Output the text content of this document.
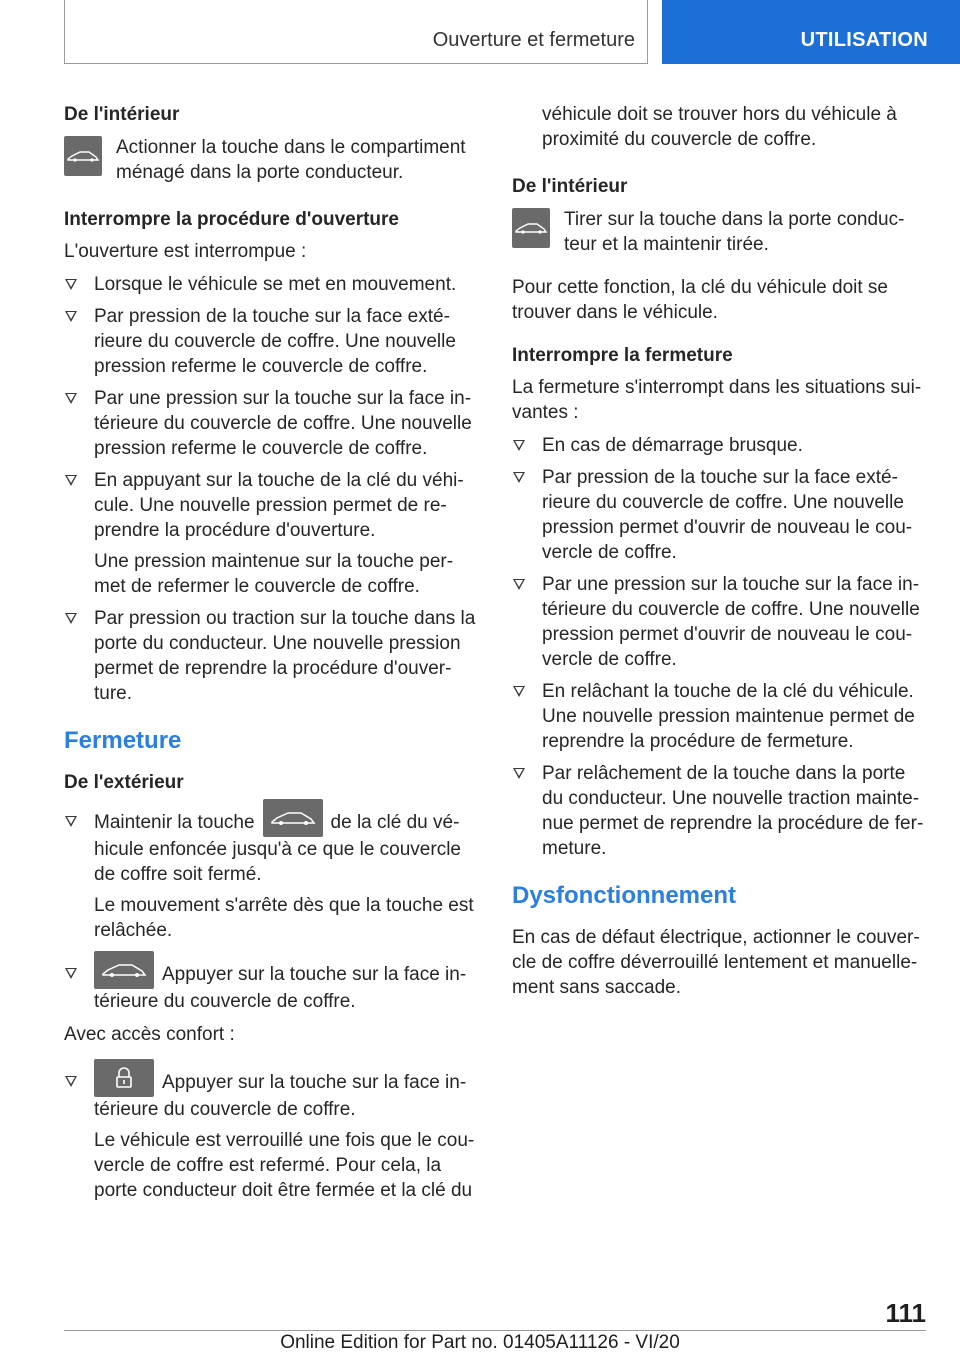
Ouverture et fermeture	UTILISATION
De l'intérieur
Actionner la touche dans le compartiment ménagé dans la porte conducteur.
Interrompre la procédure d'ouverture
L'ouverture est interrompue :
Lorsque le véhicule se met en mouvement.
Par pression de la touche sur la face exté-rieure du couvercle de coffre. Une nouvelle pression referme le couvercle de coffre.
Par une pression sur la touche sur la face in-térieure du couvercle de coffre. Une nouvelle pression referme le couvercle de coffre.
En appuyant sur la touche de la clé du véhi-cule. Une nouvelle pression permet de re-prendre la procédure d'ouverture.
Une pression maintenue sur la touche per-met de refermer le couvercle de coffre.
Par pression ou traction sur la touche dans la porte du conducteur. Une nouvelle pression permet de reprendre la procédure d'ouver-ture.
Fermeture
De l'extérieur
Maintenir la touche	de la clé du vé-hicule enfoncée jusqu'à ce que le couvercle de coffre soit fermé.
Le mouvement s'arrête dès que la touche est relâchée.
Appuyer sur la touche sur la face in-térieure du couvercle de coffre.
Avec accès confort :
Appuyer sur la touche sur la face in-térieure du couvercle de coffre.
Le véhicule est verrouillé une fois que le cou-vercle de coffre est refermé. Pour cela, la porte conducteur doit être fermée et la clé du
véhicule doit se trouver hors du véhicule à proximité du couvercle de coffre.
De l'intérieur
Tirer sur la touche dans la porte conduc-teur et la maintenir tirée.
Pour cette fonction, la clé du véhicule doit se trouver dans le véhicule.
Interrompre la fermeture
La fermeture s'interrompt dans les situations sui-vantes :
En cas de démarrage brusque.
Par pression de la touche sur la face exté-rieure du couvercle de coffre. Une nouvelle pression permet d'ouvrir de nouveau le cou-vercle de coffre.
Par une pression sur la touche sur la face in-térieure du couvercle de coffre. Une nouvelle pression permet d'ouvrir de nouveau le cou-vercle de coffre.
En relâchant la touche de la clé du véhicule. Une nouvelle pression maintenue permet de reprendre la procédure de fermeture.
Par relâchement de la touche dans la porte du conducteur. Une nouvelle traction mainte-nue permet de reprendre la procédure de fer-meture.
Dysfonctionnement
En cas de défaut électrique, actionner le couver-cle de coffre déverrouillé lentement et manuelle-ment sans saccade.
111
Online Edition for Part no. 01405A11126 - VI/20
